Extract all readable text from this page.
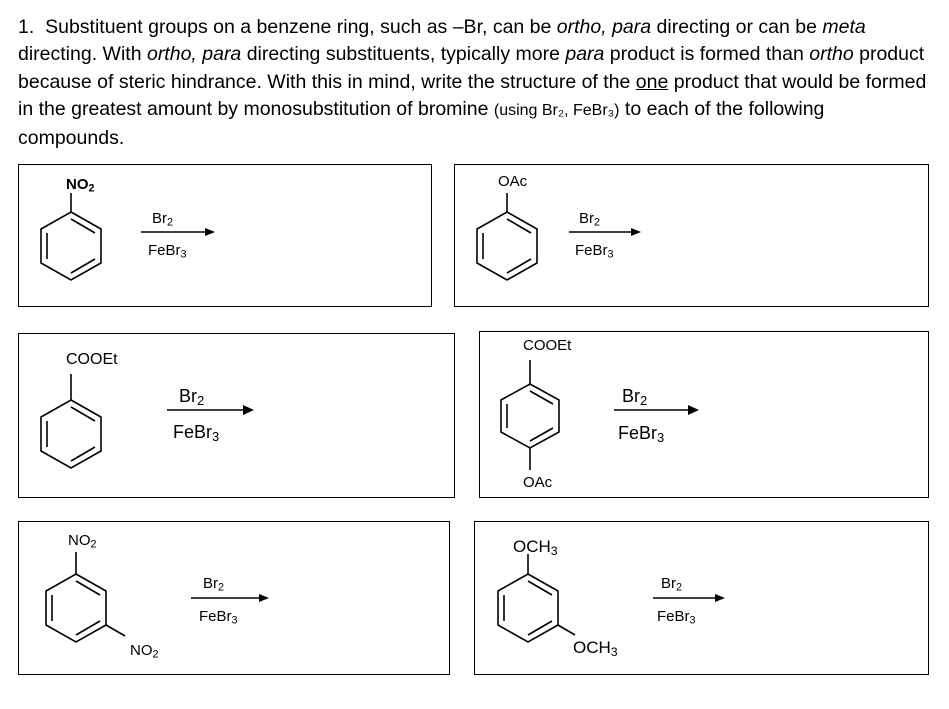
1. Substituent groups on a benzene ring, such as –Br, can be ortho, para directing or can be meta directing. With ortho, para directing substituents, typically more para product is formed than ortho product because of steric hindrance. With this in mind, write the structure of the one product that would be formed in the greatest amount by monosubstitution of bromine (using Br₂, FeBr₃) to each of the following compounds.
$NO_2$
$Br_2$
FeBr$_3$
OAc
$Br_2$
FeBr$_3$
COOEt
$Br_2$
FeBr$_3$
COOEt
OAc
$Br_2$
FeBr$_3$
$NO_2$
$NO_2$
$Br_2$
FeBr$_3$
$OCH_3$
$OCH_3$
$Br_2$
FeBr$_3$
